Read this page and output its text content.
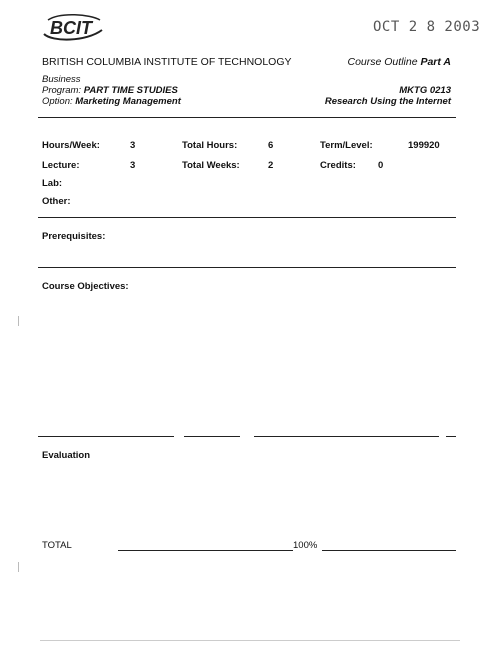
BCIT	OCT 2 8 2003
BRITISH COLUMBIA INSTITUTE OF TECHNOLOGY	Course Outline Part A
Business
Program: PART TIME STUDIES
Option: Marketing Management
MKTG 0213
Research Using the Internet
Hours/Week:	3	Total Hours:	6	Term/Level:	199920
Lecture:	3	Total Weeks:	2	Credits: 0
Lab:
Other:
Prerequisites:
Course Objectives:
Evaluation
TOTAL	100%
